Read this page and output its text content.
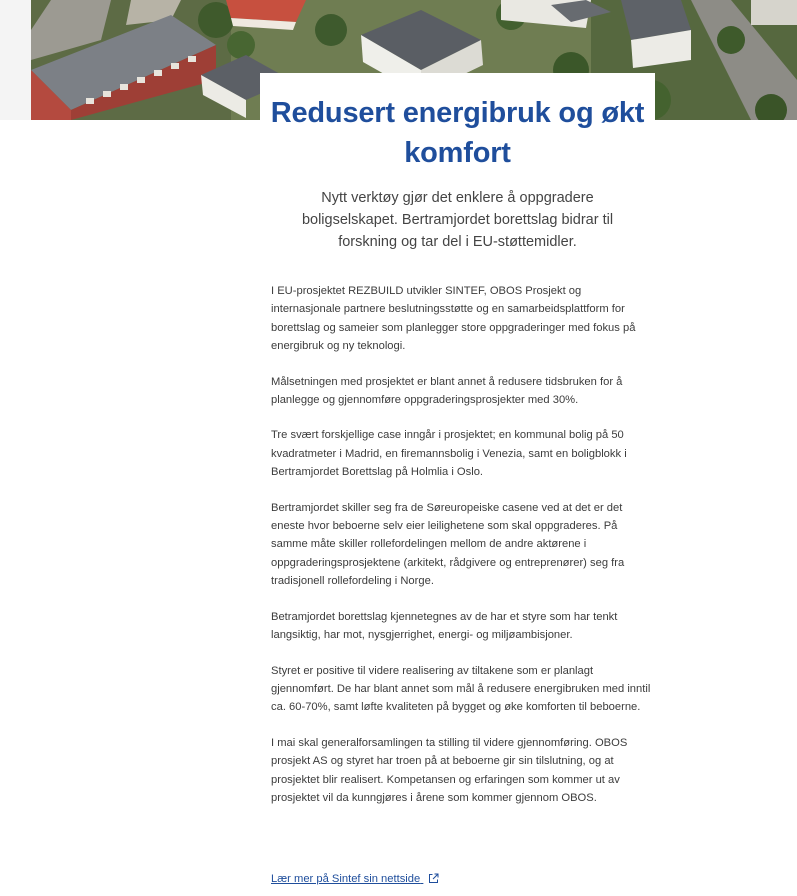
Redusert energibruk og økt komfort

Nytt verktøy gjør det enklere å oppgradere boligselskapet. Bertramjordet borettslag bidrar til forskning og tar del i EU-støttemidler.

I EU-prosjektet REZBUILD utvikler SINTEF, OBOS Prosjekt og internasjonale partnere beslutningsstøtte og en samarbeidsplattform for borettslag og sameier som planlegger store oppgraderinger med fokus på energibruk og ny teknologi.

Målsetningen med prosjektet er blant annet å redusere tidsbruken for å planlegge og gjennomføre oppgraderingsprosjekter med 30%.

Tre svært forskjellige case inngår i prosjektet; en kommunal bolig på 50 kvadratmeter i Madrid, en firemannsbolig i Venezia, samt en boligblokk i Bertramjordet Borettslag på Holmlia i Oslo.

Bertramjordet skiller seg fra de Søreuropeiske casene ved at det er det eneste hvor beboerne selv eier leilighetene som skal oppgraderes. På samme måte skiller rollefordelingen mellom de andre aktørene i oppgraderingsprosjektene (arkitekt, rådgivere og entreprenører) seg fra tradisjonell rollefordeling i Norge.

Betramjordet borettslag kjennetegnes av de har et styre som har tenkt langsiktig, har mot, nysgjerrighet, energi- og miljøambisjoner.

Styret er positive til videre realisering av tiltakene som er planlagt gjennomført. De har blant annet som mål å redusere energibruken med inntil ca. 60-70%, samt løfte kvaliteten på bygget og øke komforten til beboerne.

I mai skal generalforsamlingen ta stilling til videre gjennomføring. OBOS prosjekt AS og styret har troen på at beboerne gir sin tilslutning, og at prosjektet blir realisert. Kompetansen og erfaringen som kommer ut av prosjektet vil da kunngjøres i årene som kommer gjennom OBOS.

Lær mer på Sintef sin nettside
